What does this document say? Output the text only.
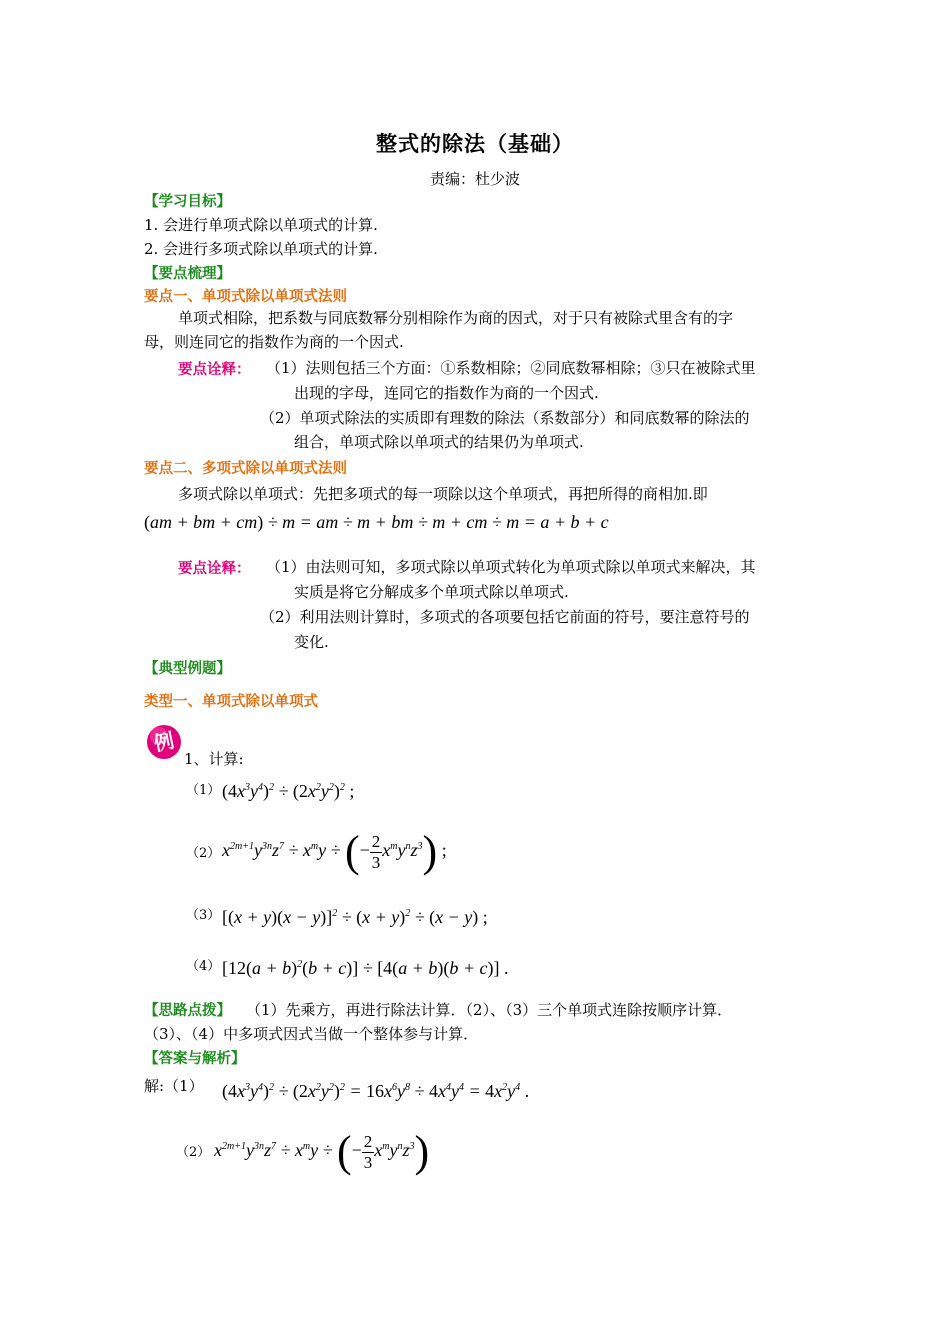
整式的除法（基础）
责编：杜少波
【学习目标】
1. 会进行单项式除以单项式的计算.
2. 会进行多项式除以单项式的计算.
【要点梳理】
要点一、单项式除以单项式法则
单项式相除，把系数与同底数幂分别相除作为商的因式，对于只有被除式里含有的字
母，则连同它的指数作为商的一个因式.
要点诠释： （1）法则包括三个方面：①系数相除；②同底数幂相除；③只在被除式里
出现的字母，连同它的指数作为商的一个因式.
（2）单项式除法的实质即有理数的除法（系数部分）和同底数幂的除法的
组合，单项式除以单项式的结果仍为单项式.
要点二、多项式除以单项式法则
多项式除以单项式：先把多项式的每一项除以这个单项式，再把所得的商相加.即
(am + bm + cm) ÷ m = am ÷ m + bm ÷ m + cm ÷ m = a + b + c
要点诠释： （1）由法则可知，多项式除以单项式转化为单项式除以单项式来解决，其
实质是将它分解成多个单项式除以单项式.
（2）利用法则计算时，多项式的各项要包括它前面的符号，要注意符号的
变化.
【典型例题】
类型一、单项式除以单项式
例
1、计算:
（1） $(4x^3y^4)^2 \div (2x^2y^2)^2$ ;
（2） $x^{2m+1}y^{3n}z^7 \div x^my$ ÷ (− $\frac{2}{3} x^my^nz^3$) ;
（3） $[(x + y)(x - y)]^2 \div (x + y)^2 \div (x - y)$ ;
（4） $[12(a + b)^2(b + c)] \div [4(a + b)(b + c)]$ .
【思路点拨】 （1）先乘方，再进行除法计算．（2）、（3）三个单项式连除按顺序计算．
（3）、（4）中多项式因式当做一个整体参与计算．
【答案与解析】
解:（1） $(4x^3y^4)^2 \div (2x^2y^2)^2 = 16x^6y^8 \div 4x^4y^4 = 4x^2y^4$ .
（2） $x^{2m+1}y^{3n}z^7 \div x^my$ ÷ (− $\frac{2}{3} x^my^nz^3$)
